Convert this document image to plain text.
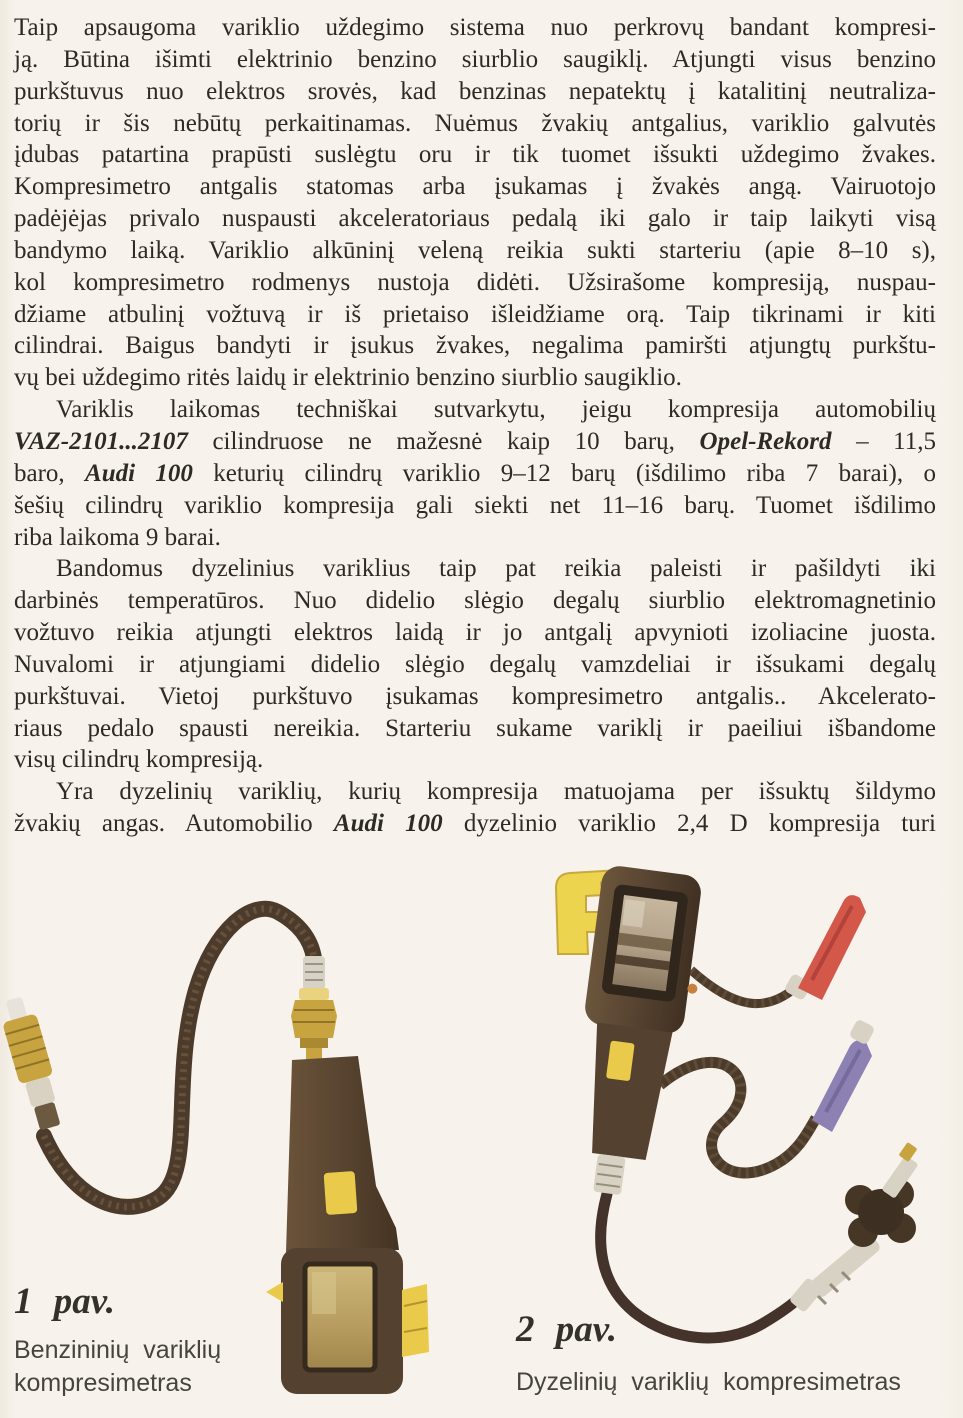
Taip apsaugoma variklio uždegimo sistema nuo perkrovų bandant kompresi-
ją. Būtina išimti elektrinio benzino siurblio saugiklį. Atjungti visus benzino
purkštuvus nuo elektros srovės, kad benzinas nepatektų į katalitinį neutraliza-
torių ir šis nebūtų perkaitinamas. Nuėmus žvakių antgalius, variklio galvutės
įdubas patartina prapūsti suslėgtu oru ir tik tuomet išsukti uždegimo žvakes.
Kompresimetro antgalis statomas arba įsukamas į žvakės angą. Vairuotojo
padėjėjas privalo nuspausti akceleratoriaus pedalą iki galo ir taip laikyti visą
bandymo laiką. Variklio alkūninį veleną reikia sukti starteriu (apie 8–10 s),
kol kompresimetro rodmenys nustoja didėti. Užsirašome kompresiją, nuspau-
džiame atbulinį vožtuvą ir iš prietaiso išleidžiame orą. Taip tikrinami ir kiti
cilindrai. Baigus bandyti ir įsukus žvakes, negalima pamiršti atjungtų purkštu-
vų bei uždegimo ritės laidų ir elektrinio benzino siurblio saugiklio.
Variklis laikomas techniškai sutvarkytu, jeigu kompresija automobilių
VAZ-2101...2107 cilindruose ne mažesnė kaip 10 barų, Opel-Rekord – 11,5
baro, Audi 100 keturių cilindrų variklio 9–12 barų (išdilimo riba 7 barai), o
šešių cilindrų variklio kompresija gali siekti net 11–16 barų. Tuomet išdilimo
riba laikoma 9 barai.
Bandomus dyzelinius variklius taip pat reikia paleisti ir pašildyti iki
darbinės temperatūros. Nuo didelio slėgio degalų siurblio elektromagnetinio
vožtuvo reikia atjungti elektros laidą ir jo antgalį apvynioti izoliacine juosta.
Nuvalomi ir atjungiami didelio slėgio degalų vamzdeliai ir išsukami degalų
purkštuvai. Vietoj purkštuvo įsukamas kompresimetro antgalis.. Akcelerato-
riaus pedalo spausti nereikia. Starteriu sukame variklį ir paeiliui išbandome
visų cilindrų kompresiją.
Yra dyzelinių variklių, kurių kompresija matuojama per išsuktų šildymo
žvakių angas. Automobilio Audi 100 dyzelinio variklio 2,4 D kompresija turi
1 pav.
Benzininių variklių
kompresimetras
2 pav.
Dyzelinių variklių kompresimetras
